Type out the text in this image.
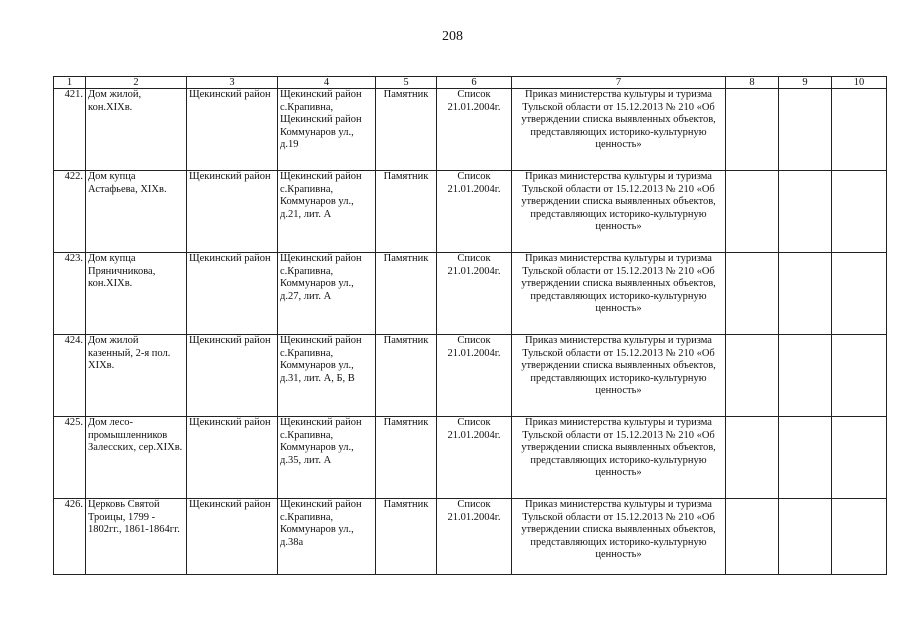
208
1	2	3	4	5	6	7	8	9	10
421.	Дом жилой, кон.XIXв.	Щекинский район	Щекинский район с.Крапивна, Щекинский район Коммунаров ул., д.19	Памятник	Список 21.01.2004г.	Приказ министерства культуры и туризма Тульской области от 15.12.2013 № 210 «Об утверждении списка выявленных объектов, представляющих историко-культурную ценность»			
422.	Дом купца Астафьева, XIXв.	Щекинский район	Щекинский район с.Крапивна, Коммунаров ул., д.21, лит. А	Памятник	Список 21.01.2004г.	Приказ министерства культуры и туризма Тульской области от 15.12.2013 № 210 «Об утверждении списка выявленных объектов, представляющих историко-культурную ценность»			
423.	Дом купца Пряничникова, кон.XIXв.	Щекинский район	Щекинский район с.Крапивна, Коммунаров ул., д.27, лит. А	Памятник	Список 21.01.2004г.	Приказ министерства культуры и туризма Тульской области от 15.12.2013 № 210 «Об утверждении списка выявленных объектов, представляющих историко-культурную ценность»			
424.	Дом жилой казенный, 2-я пол. XIXв.	Щекинский район	Щекинский район с.Крапивна, Коммунаров ул., д.31, лит. А, Б, В	Памятник	Список 21.01.2004г.	Приказ министерства культуры и туризма Тульской области от 15.12.2013 № 210 «Об утверждении списка выявленных объектов, представляющих историко-культурную ценность»			
425.	Дом лесо-промышленников Залесских, сер.XIXв.	Щекинский район	Щекинский район с.Крапивна, Коммунаров ул., д.35, лит. А	Памятник	Список 21.01.2004г.	Приказ министерства культуры и туризма Тульской области от 15.12.2013 № 210 «Об утверждении списка выявленных объектов, представляющих историко-культурную ценность»			
426.	Церковь Святой Троицы, 1799 - 1802гг., 1861-1864гг.	Щекинский район	Щекинский район с.Крапивна, Коммунаров ул., д.38а	Памятник	Список 21.01.2004г.	Приказ министерства культуры и туризма Тульской области от 15.12.2013 № 210 «Об утверждении списка выявленных объектов, представляющих историко-культурную ценность»			
